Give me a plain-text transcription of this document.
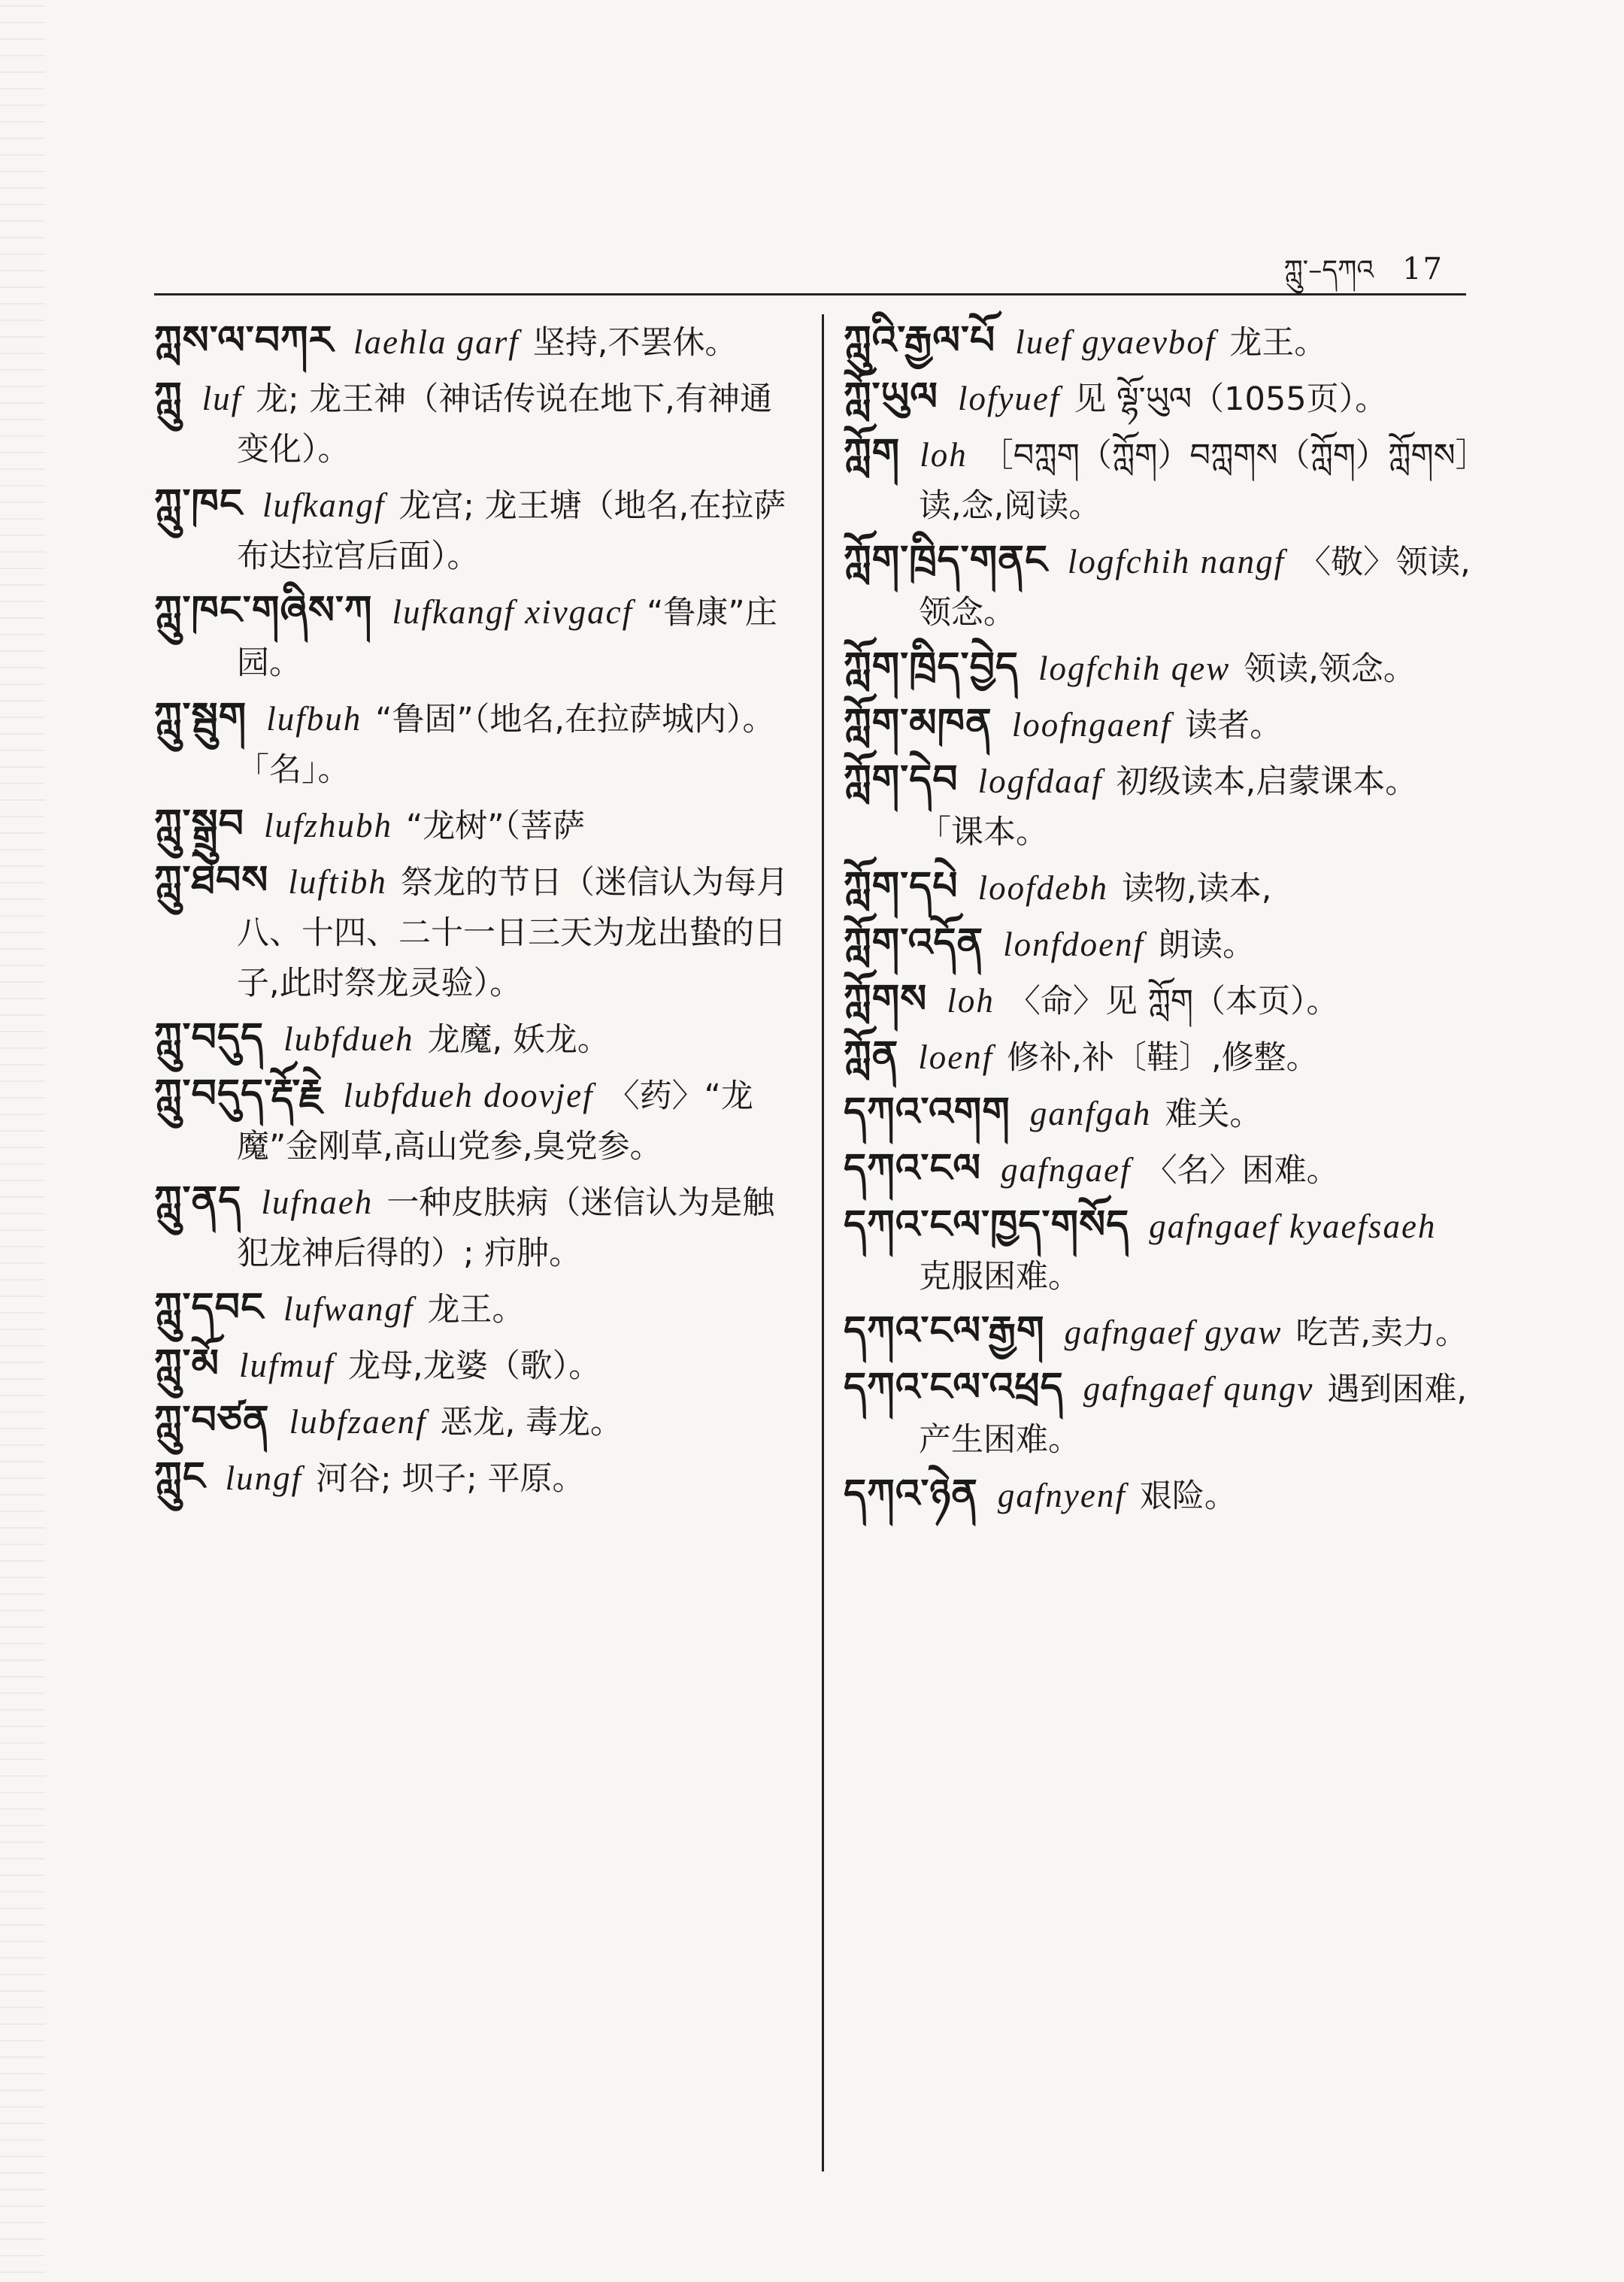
ཀླུ་–དཀའ 17
ཀླས་ལ་བཀར laehla garf 坚持,不罢休。
ཀླུ luf 龙; 龙王神（神话传说在地下,有神通变化）。
ཀླུ་ཁང lufkangf 龙宫; 龙王塘（地名,在拉萨布达拉宫后面）。
ཀླུ་ཁང་གཞིས་ཀ lufkangf xivgacf “鲁康”庄园。
ཀླུ་སྦུག lufbuh “鲁固”（地名,在拉萨城内）。 「名」。
ཀླུ་སྒྲུབ lufzhubh “龙树”（菩萨
ཀླུ་ཐེབས luftibh 祭龙的节日（迷信认为每月八、十四、二十一日三天为龙出蛰的日子,此时祭龙灵验）。
ཀླུ་བདུད lubfdueh 龙魔, 妖龙。
ཀླུ་བདུད་རྡོ་རྗེ lubfdueh doovjef 〈药〉“龙魔”金刚草,高山党参,臭党参。
ཀླུ་ནད lufnaeh 一种皮肤病（迷信认为是触犯龙神后得的）; 疖肿。
ཀླུ་དབང lufwangf 龙王。
ཀླུ་མོ lufmuf 龙母,龙婆（歌）。
ཀླུ་བཙན lubfzaenf 恶龙, 毒龙。
ཀླུང lungf 河谷; 坝子; 平原。
ཀླུའི་རྒྱལ་པོ luef gyaevbof 龙王。
ཀློ་ཡུལ lofyuef 见 ལྷོ་ཡུལ（1055页）。
ཀློག loh ［བཀླག（ཀློག）བཀླགས（ཀློག）ཀློགས］读,念,阅读。
ཀློག་ཁྲིད་གནང logfchih nangf 〈敬〉领读,领念。
ཀློག་ཁྲིད་བྱེད logfchih qew 领读,领念。
ཀློག་མཁན loofngaenf 读者。
ཀློག་དེབ logfdaaf 初级读本,启蒙课本。 「课本。
ཀློག་དཔེ loofdebh 读物,读本,
ཀློག་འདོན lonfdoenf 朗读。
ཀློགས loh 〈命〉见 ཀློག（本页）。
ཀློན loenf 修补,补〔鞋〕,修整。
དཀའ་འགག ganfgah 难关。
དཀའ་ངལ gafngaef 〈名〉困难。
དཀའ་ངལ་ཁྱད་གསོད gafngaef kyaefsaeh克服困难。
དཀའ་ངལ་རྒྱག gafngaef gyaw 吃苦,卖力。
དཀའ་ངལ་འཕྲད gafngaef qungv 遇到困难,产生困难。
དཀའ་ཉེན gafnyenf 艰险。
